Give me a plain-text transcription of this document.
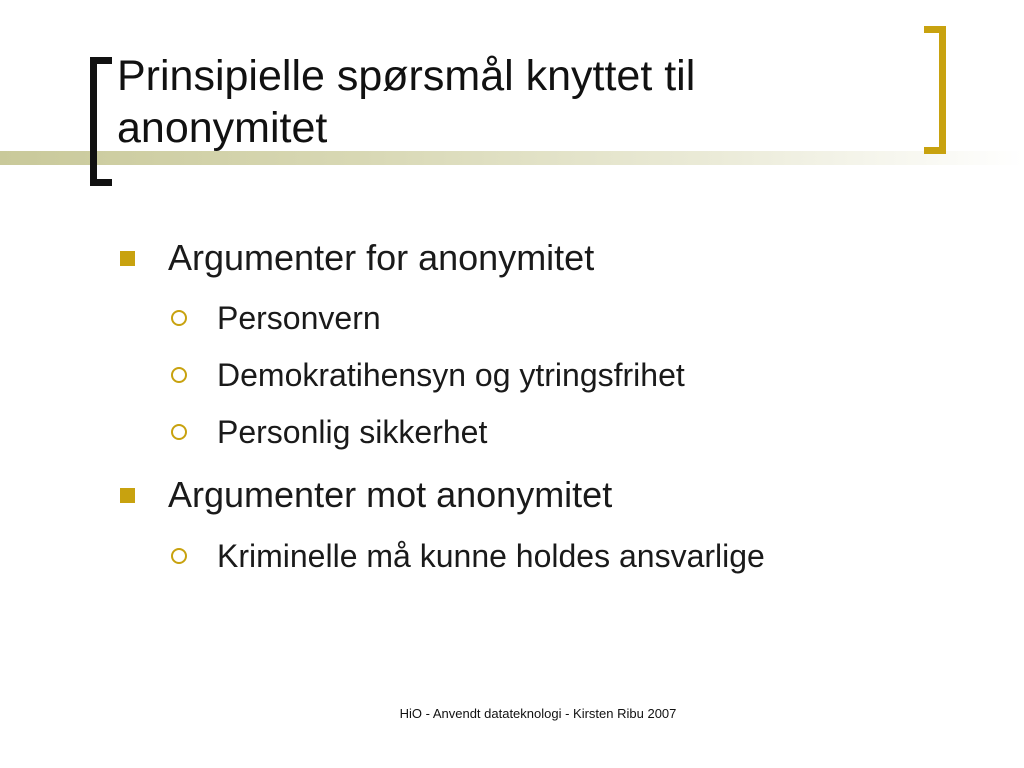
Prinsipielle spørsmål knyttet til anonymitet
Argumenter for anonymitet
Personvern
Demokratihensyn og ytringsfrihet
Personlig sikkerhet
Argumenter mot anonymitet
Kriminelle må kunne holdes ansvarlige
HiO - Anvendt datateknologi - Kirsten Ribu 2007
